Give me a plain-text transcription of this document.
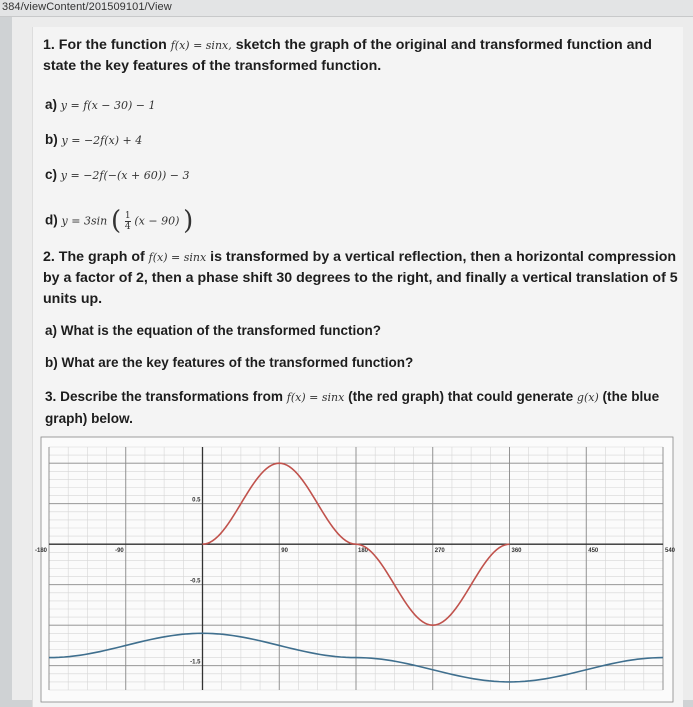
384/viewContent/201509101/View
1. For the function f(x) = sinx, sketch the graph of the original and transformed function and
state the key features of the transformed function.
a) y = f(x − 30) − 1
b) y = −2f(x) + 4
c) y = −2f(−(x + 60)) − 3
d) y = 3sin ( $\frac{1}{4} (x - 90)$ )
2. The graph of f(x) = sinx is transformed by a vertical reflection, then a horizontal compression
by a factor of 2, then a phase shift 30 degrees to the right, and finally a vertical translation of 5
units up.
a) What is the equation of the transformed function?
b) What are the key features of the transformed function?
3. Describe the transformations from f(x) = sinx (the red graph) that could generate g(x) (the blue
graph) below.
-180	-90	90	180	270	360	450	540
0.5
-0.5
-1.5
